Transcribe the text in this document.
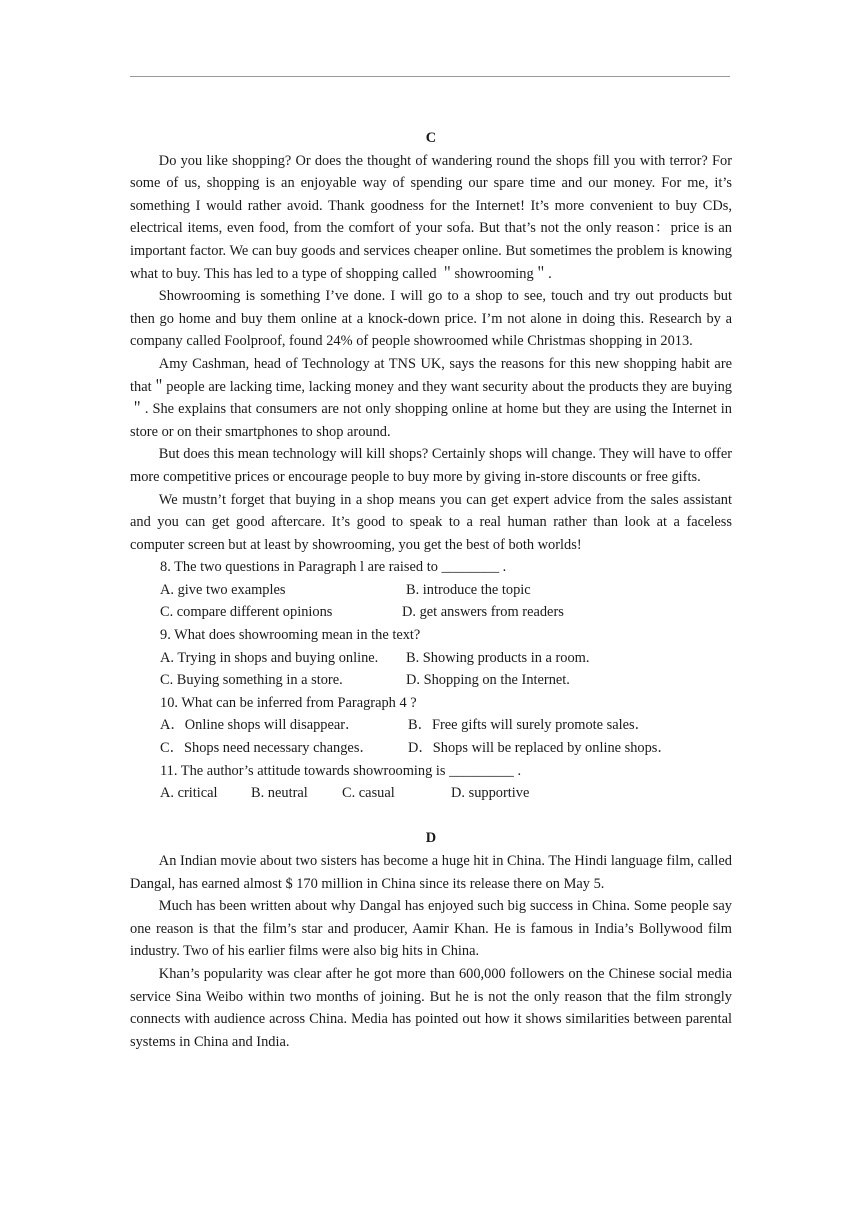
C

Do you like shopping? Or does the thought of wandering round the shops fill you with terror? For some of us, shopping is an enjoyable way of spending our spare time and our money. For me, it’s something I would rather avoid. Thank goodness for the Internet! It’s more convenient to buy CDs, electrical items, even food, from the comfort of your sofa. But that’s not the only reason：price is an important factor. We can buy goods and services cheaper online. But sometimes the problem is knowing what to buy. This has led to a type of shopping called ＂showrooming＂.

Showrooming is something I’ve done. I will go to a shop to see, touch and try out products but then go home and buy them online at a knock-down price. I’m not alone in doing this. Research by a company called Foolproof, found 24% of people showroomed while Christmas shopping in 2013.

Amy Cashman, head of Technology at TNS UK, says the reasons for this new shopping habit are that＂people are lacking time, lacking money and they want security about the products they are buying＂. She explains that consumers are not only shopping online at home but they are using the Internet in store or on their smartphones to shop around.

But does this mean technology will kill shops? Certainly shops will change. They will have to offer more competitive prices or encourage people to buy more by giving in-store discounts or free gifts.

We mustn’t forget that buying in a shop means you can get expert advice from the sales assistant and you can get good aftercare. It’s good to speak to a real human rather than look at a faceless computer screen but at least by showrooming, you get the best of both worlds!

8. The two questions in Paragraph l are raised to ________ .

A. give two examples	B. introduce the topic
C. compare different opinions	D. get answers from readers

9. What does showrooming mean in the text?

A. Trying in shops and buying online.	B. Showing products in a room.
C. Buying something in a store.	D. Shopping on the Internet.

10. What can be inferred from Paragraph 4 ?

A．Online shops will disappear．	B．Free gifts will surely promote sales．
C．Shops need necessary changes．	D．Shops will be replaced by online shops．

11. The author’s attitude towards showrooming is _________ .

A. critical	B. neutral	C. casual	D. supportive

D

An Indian movie about two sisters has become a huge hit in China. The Hindi language film, called Dangal, has earned almost $ 170 million in China since its release there on May 5.

Much has been written about why Dangal has enjoyed such big success in China. Some people say one reason is that the film’s star and producer, Aamir Khan. He is famous in India’s Bollywood film industry. Two of his earlier films were also big hits in China.

Khan’s popularity was clear after he got more than 600,000 followers on the Chinese social media service Sina Weibo within two months of joining. But he is not the only reason that the film strongly connects with audience across China. Media has pointed out how it shows similarities between parental systems in China and India.
